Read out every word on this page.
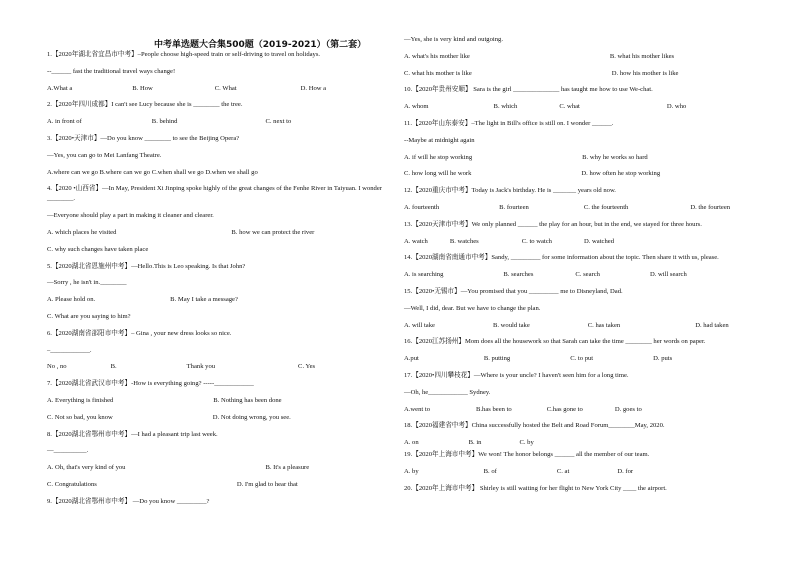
中考单选题大合集500题（2019-2021）（第二套）
1.【2020年湖北省宜昌市中考】–People choose high-speed train or self-driving to travel on holidays.
--______ fast the traditional travel ways change!
A.What a	B. How	C. What	D. How a
2.【2020年四川成都】I can't see Lucy because she is ________ the tree.
A. in front of	B. behind	C. next to
3.【2020•天津市】—Do you know ________ to see the Beijing Opera?
—Yes, you can go to Mei Lanfang Theatre.
A.where can we go B.where can we go C.when shall we go D.when we shall go
4.【2020 •山西省】—In May, President Xi Jinping spoke highly of the great changes of the Fenhe River in Taiyuan. I wonder ________.
—Everyone should play a part in making it cleaner and clearer.
A. which places he visited	B. how we can protect the river
C. why such changes have taken place
5.【2020湖北省恩施州中考】—Hello.This is Leo speaking. Is that John?
—Sorry , he isn't in.________
A. Please hold on.	B. May I take a message?
C. What are you saying to him?
6.【2020湖南省邵阳市中考】– Gina , your new dress looks so nice.
–____________.
No , no	B.	Thank you	C. Yes
7.【2020湖北省武汉市中考】-How is everything going? -----____________
A. Everything is finished	B. Nothing has been done
C. Not so bad, you know	D. Not doing wrong, you see.
8.【2020湖北省鄂州市中考】—I had a pleasant trip last week.
—__________.
A. Oh, that's very kind of you	B. It's a pleasure
C. Congratulations	D. I'm glad to hear that
9.【2020湖北省鄂州市中考】 —Do you know _________?
—Yes, she is very kind and outgoing.
A. what's his mother like	B. what his mother likes
C. what his mother is like	D. how his mother is like
10.【2020年贵州安顺】 Sara is the girl ______________ has taught me how to use We-chat.
A. whom	B. which	C. what	D. who
11.【2020年山东泰安】–The light in Bill's office is still on. I wonder ______.
--Maybe at midnight again
A. if will he stop working	B. why he works so hard
C. how long will he work	D. how often he stop working
12.【2020重庆市中考】Today is Jack's birthday. He is _______ years old now.
A. fourteenth	B. fourteen	C. the fourteenth	D. the fourteen
13.【2020天津市中考】We only planned ______ the play for an hour, but in the end, we stayed for three hours.
A. watch	B. watches	C. to watch	D. watched
14.【2020湖南省南通市中考】Sandy, _________ for some information about the topic. Then share it with us, please.
A. is searching	B. searches	C. search	D. will search
15.【2020•无锡市】—You promised that you _________ me to Disneyland, Dad.
—Well, I did, dear. But we have to change the plan.
A. will take	B. would take	C. has taken	D. had taken
16.【2020江苏扬州】Mom does all the housework so that Sarah can take the time ________ her words on paper.
A.put	B. putting	C. to put	D. puts
17.【2020•四川攀枝花】—Where is your uncle? I haven't seen him for a long time.
—Oh, he____________ Sydney.
A.went to	B.has been to	C.has gone to	D. goes to
18.【2020福建省中考】China successfully hosted the Belt and Road Forum________May, 2020.
A. on	B. in	C. by
19.【2020年上海市中考】We won! The honor belongs ______ all the member of our team.
A. by	B. of	C. at	D. for
20.【2020年上海市中考】 Shirley is still waiting for her flight to New York City ____ the airport.
